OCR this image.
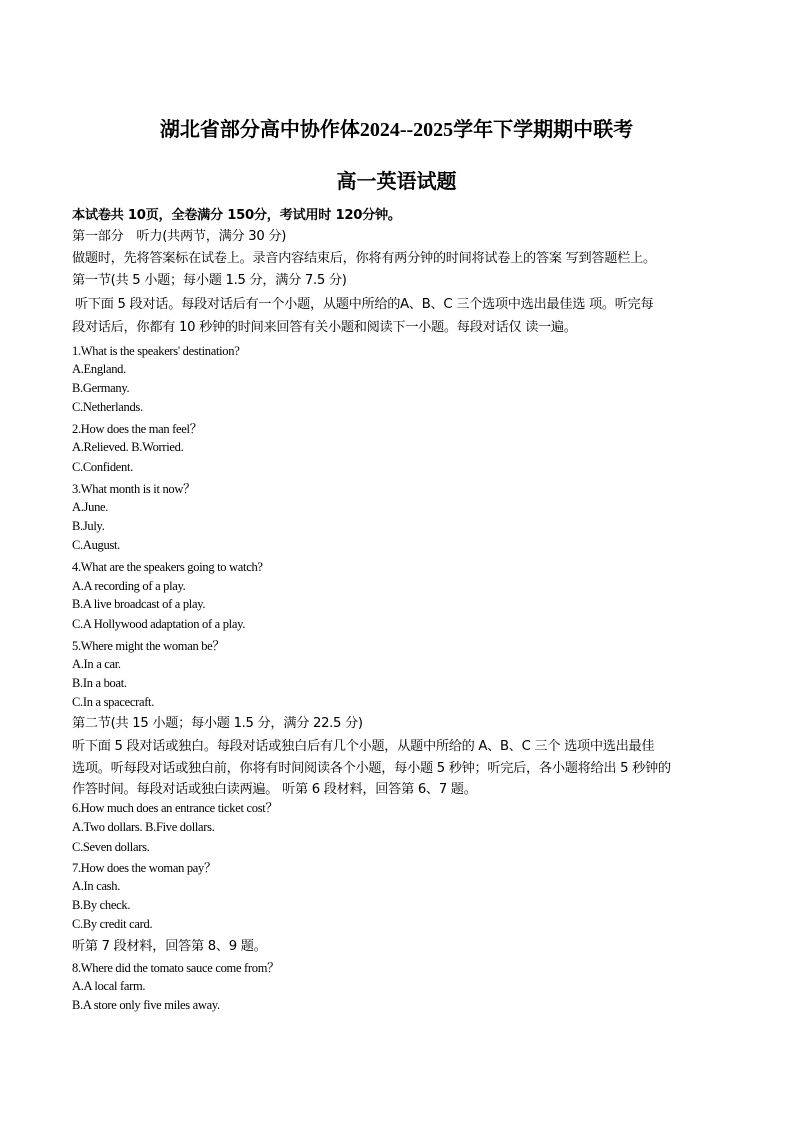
湖北省部分高中协作体2024--2025学年下学期期中联考
高一英语试题
本试卷共 10页，全卷满分 150分，考试用时 120分钟。
第一部分　听力(共两节，满分 30 分)
做题时，先将答案标在试卷上。录音内容结束后，你将有两分钟的时间将试卷上的答案 写到答题栏上。
第一节(共 5 小题；每小题 1.5 分，满分 7.5 分)
听下面 5 段对话。每段对话后有一个小题，从题中所给的A、B、C 三个选项中选出最佳选 项。听完每
段对话后，你都有 10 秒钟的时间来回答有关小题和阅读下一小题。每段对话仅 读一遍。
1.What is the speakers' destination?
A.England.
B.Germany.
C.Netherlands.
2.How does the man feel？
A.Relieved. B.Worried.
C.Confident.
3.What month is it now？
A.June.
B.July.
C.August.
4.What are the speakers going to watch?
A.A recording of a play.
B.A live broadcast of a play.
C.A Hollywood adaptation of a play.
5.Where might the woman be？
A.In a car.
B.In a boat.
C.In a spacecraft.
第二节(共 15 小题；每小题 1.5 分，满分 22.5 分)
听下面 5 段对话或独白。每段对话或独白后有几个小题，从题中所给的 A、B、C 三个 选项中选出最佳
选项。听每段对话或独白前，你将有时间阅读各个小题，每小题 5 秒钟；听完后，各小题将给出 5 秒钟的
作答时间。每段对话或独白读两遍。 听第 6 段材料，回答第 6、7 题。
6.How much does an entrance ticket cost？
A.Two dollars. B.Five dollars.
C.Seven dollars.
7.How does the woman pay？
A.In cash.
B.By check.
C.By credit card.
听第 7 段材料，回答第 8、9 题。
8.Where did the tomato sauce come from？
A.A local farm.
B.A store only five miles away.
